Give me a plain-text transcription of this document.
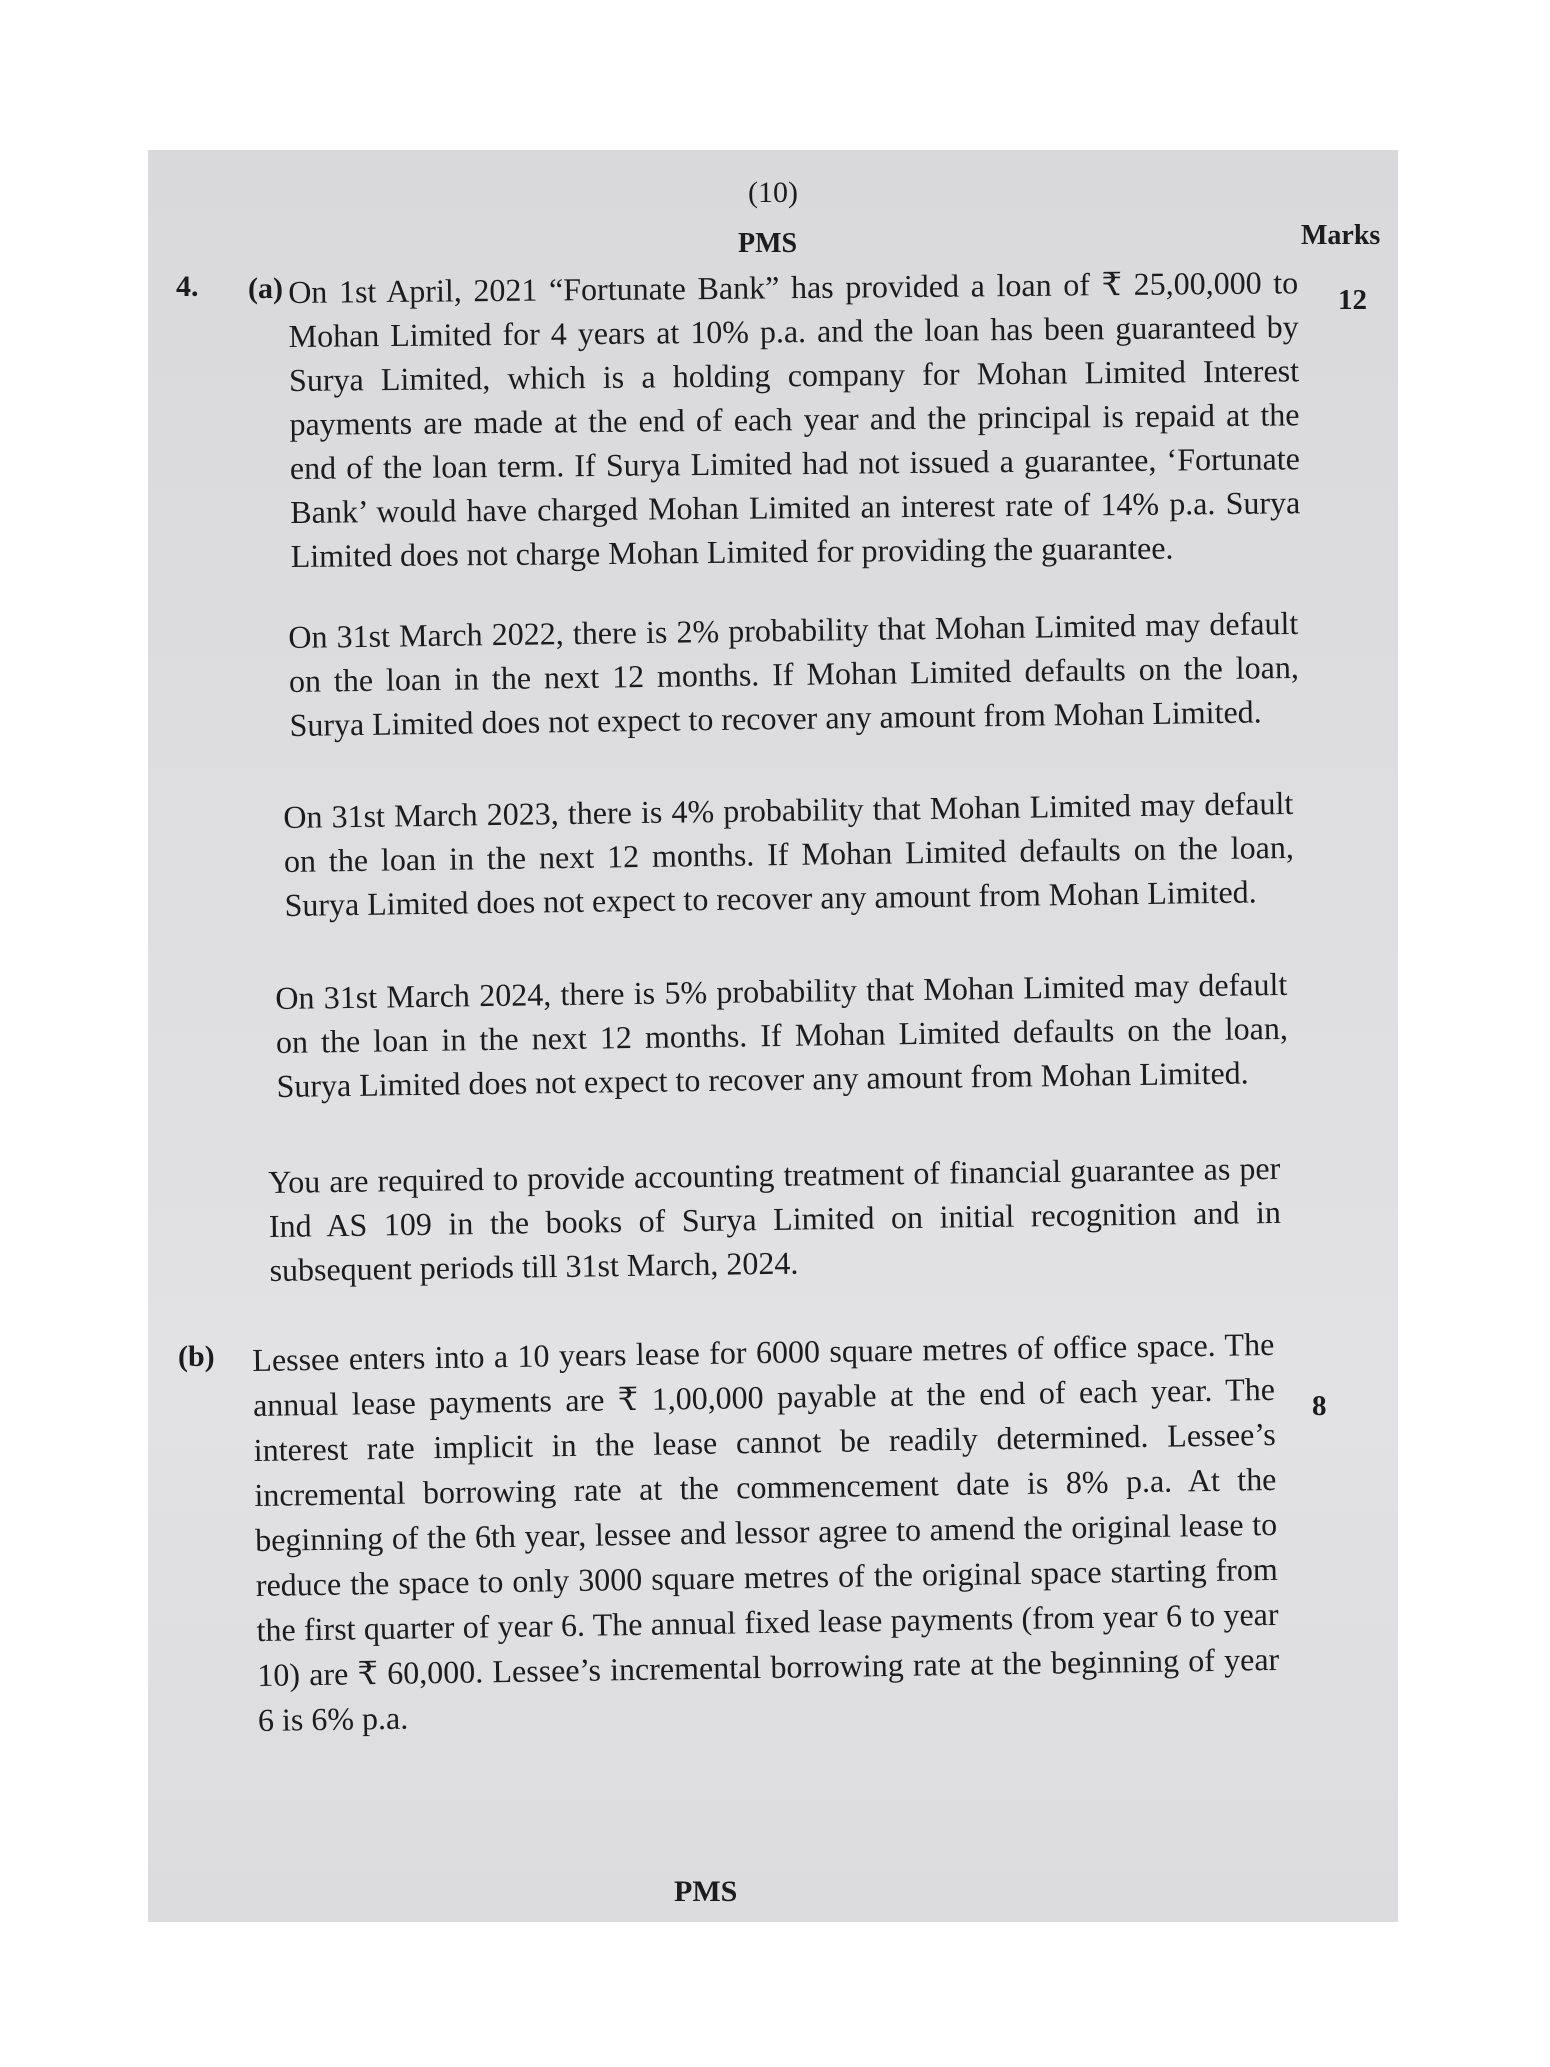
(10)
PMS	Marks
4. (a)	12

On 1st April, 2021 “Fortunate Bank” has provided a loan of ₹ 25,00,000 to Mohan Limited for 4 years at 10% p.a. and the loan has been guaranteed by Surya Limited, which is a holding company for Mohan Limited Interest payments are made at the end of each year and the principal is repaid at the end of the loan term. If Surya Limited had not issued a guarantee, ‘Fortunate Bank’ would have charged Mohan Limited an interest rate of 14% p.a. Surya Limited does not charge Mohan Limited for providing the guarantee.

On 31st March 2022, there is 2% probability that Mohan Limited may default on the loan in the next 12 months. If Mohan Limited defaults on the loan, Surya Limited does not expect to recover any amount from Mohan Limited.

On 31st March 2023, there is 4% probability that Mohan Limited may default on the loan in the next 12 months. If Mohan Limited defaults on the loan, Surya Limited does not expect to recover any amount from Mohan Limited.

On 31st March 2024, there is 5% probability that Mohan Limited may default on the loan in the next 12 months. If Mohan Limited defaults on the loan, Surya Limited does not expect to recover any amount from Mohan Limited.

You are required to provide accounting treatment of financial guarantee as per Ind AS 109 in the books of Surya Limited on initial recognition and in subsequent periods till 31st March, 2024.

(b)
8

Lessee enters into a 10 years lease for 6000 square metres of office space. The annual lease payments are ₹ 1,00,000 payable at the end of each year. The interest rate implicit in the lease cannot be readily determined. Lessee’s incremental borrowing rate at the commencement date is 8% p.a. At the beginning of the 6th year, lessee and lessor agree to amend the original lease to reduce the space to only 3000 square metres of the original space starting from the first quarter of year 6. The annual fixed lease payments (from year 6 to year 10) are ₹ 60,000. Lessee’s incremental borrowing rate at the beginning of year 6 is 6% p.a.

PMS
